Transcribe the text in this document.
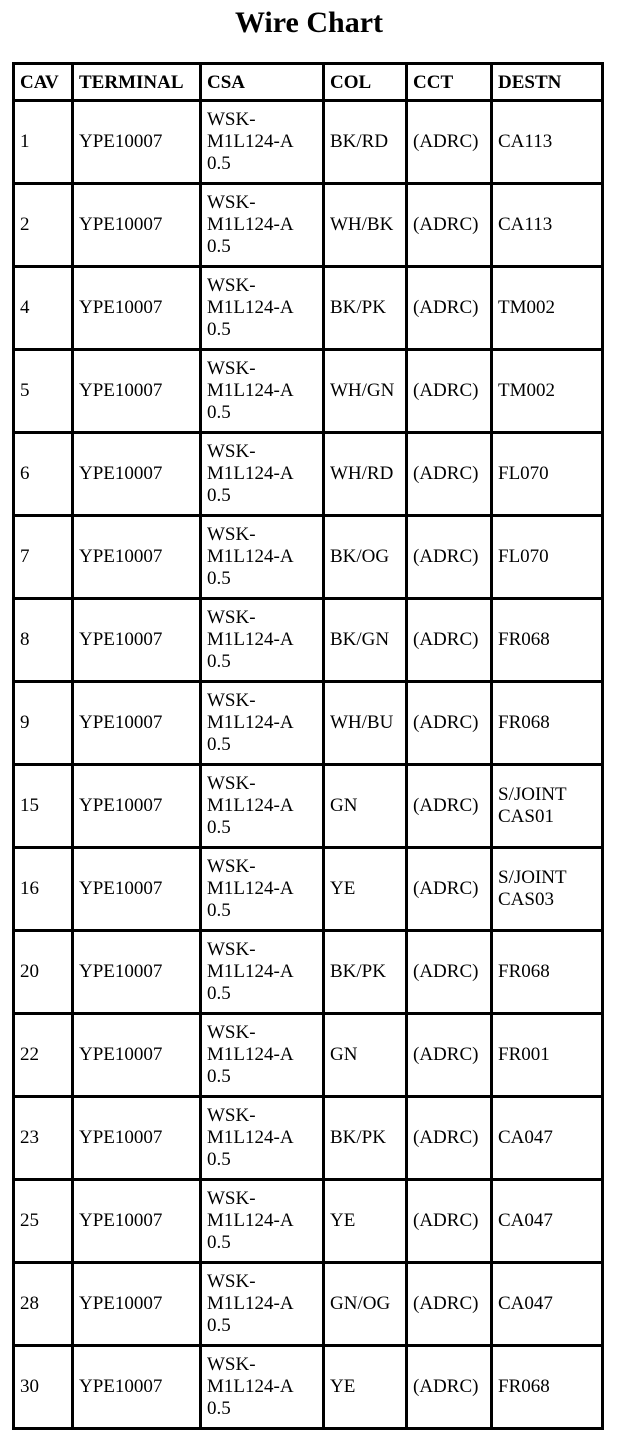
Wire Chart
CAV	TERMINAL	CSA	COL	CCT	DESTN
1	YPE10007	WSK-
M1L124-A
0.5	BK/RD	(ADRC)	CA113

2	YPE10007	WSK-
M1L124-A
0.5	WH/BK	(ADRC)	CA113

4	YPE10007	WSK-
M1L124-A
0.5	BK/PK	(ADRC)	TM002

5	YPE10007	WSK-
M1L124-A
0.5	WH/GN	(ADRC)	TM002

6	YPE10007	WSK-
M1L124-A
0.5	WH/RD	(ADRC)	FL070

7	YPE10007	WSK-
M1L124-A
0.5	BK/OG	(ADRC)	FL070

8	YPE10007	WSK-
M1L124-A
0.5	BK/GN	(ADRC)	FR068

9	YPE10007	WSK-
M1L124-A
0.5	WH/BU	(ADRC)	FR068

15	YPE10007	WSK-
M1L124-A
0.5	GN	(ADRC)	S/JOINT
CAS01

16	YPE10007	WSK-
M1L124-A
0.5	YE	(ADRC)	S/JOINT
CAS03

20	YPE10007	WSK-
M1L124-A
0.5	BK/PK	(ADRC)	FR068

22	YPE10007	WSK-
M1L124-A
0.5	GN	(ADRC)	FR001

23	YPE10007	WSK-
M1L124-A
0.5	BK/PK	(ADRC)	CA047

25	YPE10007	WSK-
M1L124-A
0.5	YE	(ADRC)	CA047

28	YPE10007	WSK-
M1L124-A
0.5	GN/OG	(ADRC)	CA047

30	YPE10007	WSK-
M1L124-A
0.5	YE	(ADRC)	FR068
